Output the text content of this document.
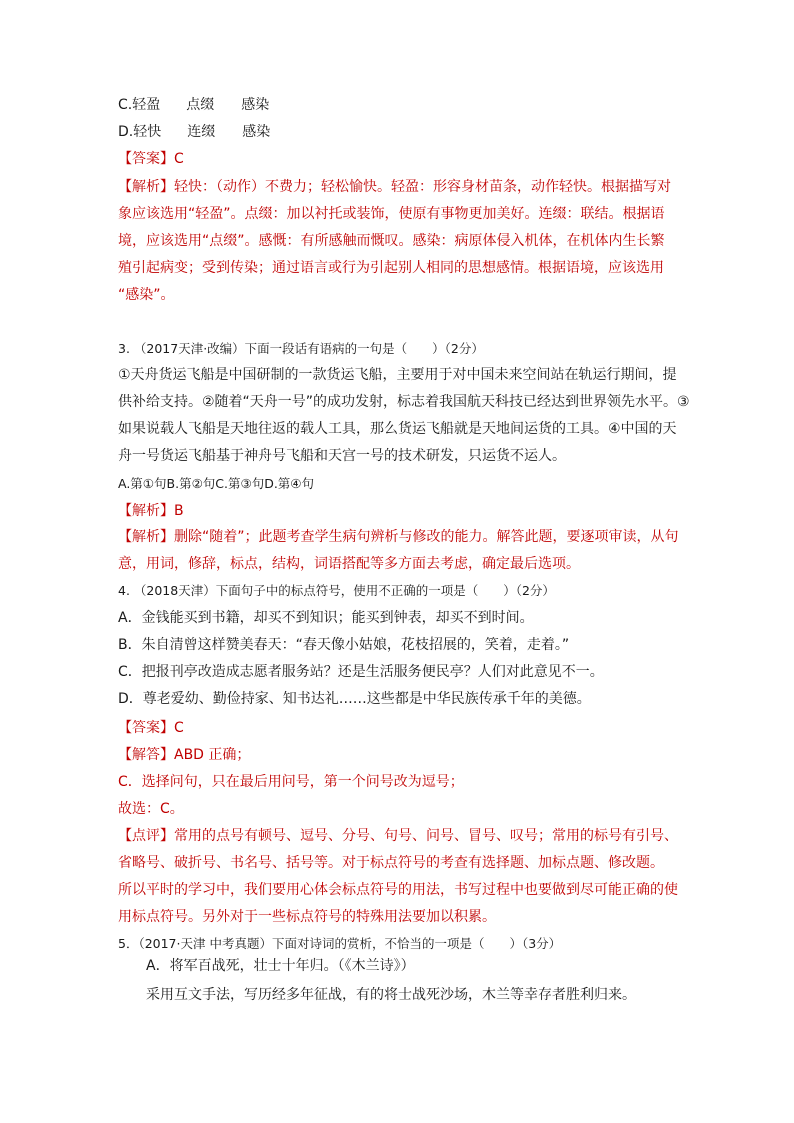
C.轻盈 点缀 感染
D.轻快 连缀 感染
【答案】C
【解析】轻快：（动作）不费力；轻松愉快。轻盈：形容身材苗条，动作轻快。根据描写对
象应该选用“轻盈”。点缀：加以衬托或装饰，使原有事物更加美好。连缀：联结。根据语
境，应该选用“点缀”。感慨：有所感触而慨叹。感染：病原体侵入机体，在机体内生长繁
殖引起病变；受到传染；通过语言或行为引起别人相同的思想感情。根据语境，应该选用
“感染”。
3. （2017天津·改编）下面一段话有语病的一句是（　　）（2分）
①天舟货运飞船是中国研制的一款货运飞船，主要用于对中国未来空间站在轨运行期间，提
供补给支持。②随着“天舟一号”的成功发射，标志着我国航天科技已经达到世界领先水平。③
如果说载人飞船是天地往返的载人工具，那么货运飞船就是天地间运货的工具。④中国的天
舟一号货运飞船基于神舟号飞船和天宫一号的技术研发，只运货不运人。
A.第①句B.第②句C.第③句D.第④句
【解析】B
【解析】删除“随着”；此题考查学生病句辨析与修改的能力。解答此题，要逐项审读，从句
意，用词，修辞，标点，结构，词语搭配等多方面去考虑，确定最后选项。
4. （2018天津）下面句子中的标点符号，使用不正确的一项是（　　）（2分）
A．金钱能买到书籍，却买不到知识；能买到钟表，却买不到时间。
B．朱自清曾这样赞美春天：“春天像小姑娘，花枝招展的，笑着，走着。”
C．把报刊亭改造成志愿者服务站？还是生活服务便民亭？人们对此意见不一。
D．尊老爱幼、勤俭持家、知书达礼……这些都是中华民族传承千年的美德。
【答案】C
【解答】ABD 正确；
C．选择问句，只在最后用问号，第一个问号改为逗号；
故选：C。
【点评】常用的点号有顿号、逗号、分号、句号、问号、冒号、叹号；常用的标号有引号、
省略号、破折号、书名号、括号等。对于标点符号的考查有选择题、加标点题、修改题。
所以平时的学习中，我们要用心体会标点符号的用法，书写过程中也要做到尽可能正确的使
用标点符号。另外对于一些标点符号的特殊用法要加以积累。
5．（2017·天津 中考真题）下面对诗词的赏析，不恰当的一项是（　　）（3分）
A．将军百战死，壮士十年归。（《木兰诗》）
采用互文手法，写历经多年征战，有的将士战死沙场，木兰等幸存者胜利归来。
